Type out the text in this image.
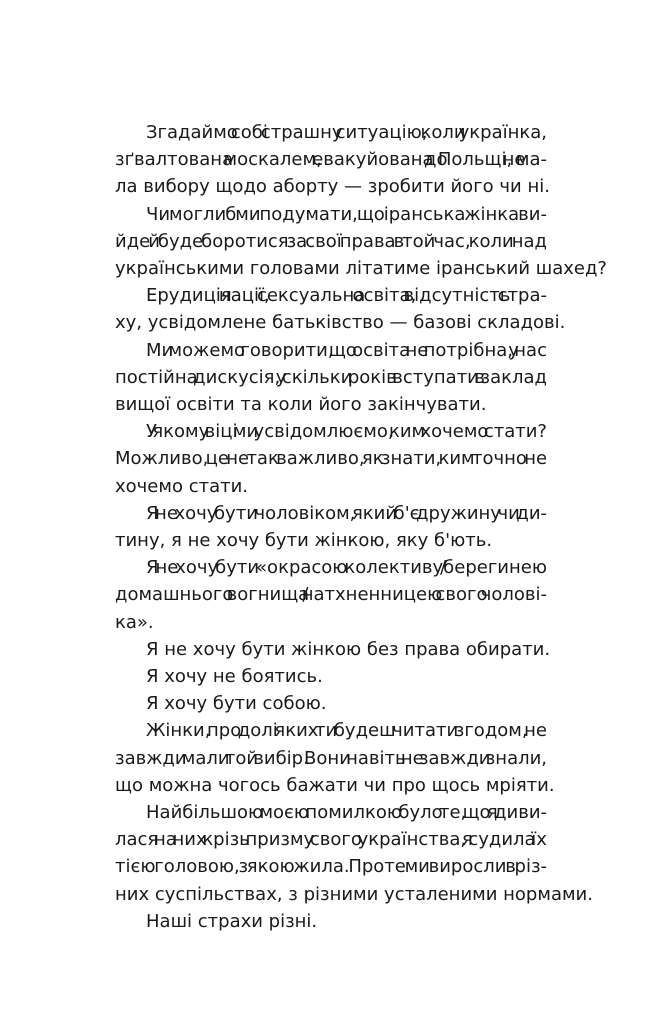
Згадаймо собі страшну ситуацію, коли українка,
зґвалтована москалем, евакуйована до Польщі, не ма-
ла вибору щодо аборту — зробити його чи ні.
Чи могли б ми подумати, що іранська жінка ви-
йде й буде боротися за свої права в той час, коли над
українськими головами літатиме іранський шахед?
Ерудиція нації, сексуальна освіта, відсутність стра-
ху, усвідомлене батьківство — базові складові.
Ми можемо говорити, що освіта не потрібна, у нас
постійна дискусія, у скільки років вступати в заклад
вищої освіти та коли його закінчувати.
У якому віці ми усвідомлюємо, ким хочемо стати?
Можливо, це не так важливо, як знати, ким точно не
хочемо стати.
Я не хочу бути чоловіком, який б'є дружину чи ди-
тину, я не хочу бути жінкою, яку б'ють.
Я не хочу бути «окрасою колективу / берегинею
домашнього вогнища / натхненницею свого чолові-
ка».
Я не хочу бути жінкою без права обирати.
Я хочу не боятись.
Я хочу бути собою.
Жінки, про долі яких ти будеш читати згодом, не
завжди мали той вибір. Вони навіть не завжди знали,
що можна чогось бажати чи про щось мріяти.
Найбільшою моєю помилкою було те, що я диви-
лася на них крізь призму свого українства, я судила їх
тією головою, з якою жила. Проте ми виросли в різ-
них суспільствах, з різними усталеними нормами.
Наші страхи різні.
